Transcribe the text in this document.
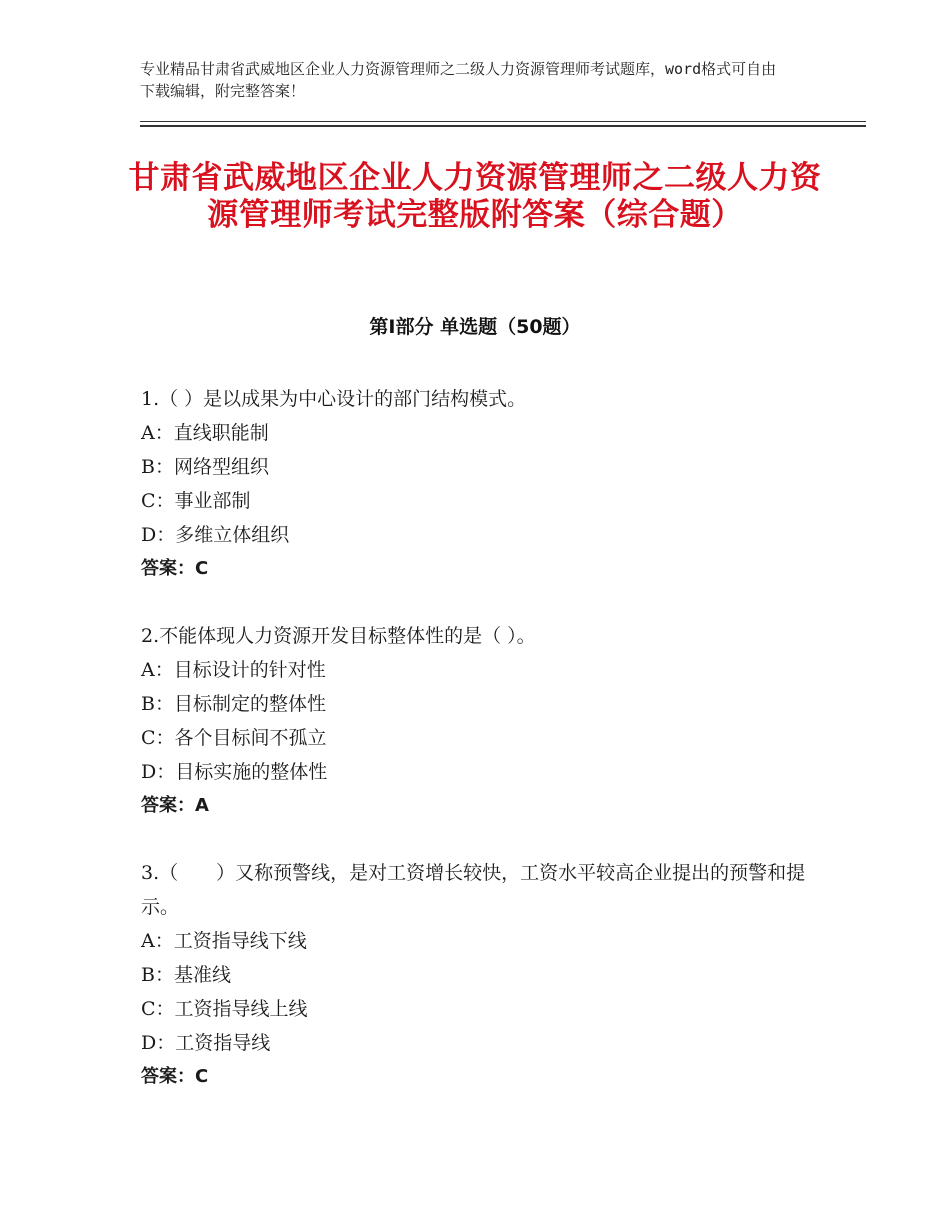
专业精品甘肃省武威地区企业人力资源管理师之二级人力资源管理师考试题库，word格式可自由下载编辑，附完整答案！
甘肃省武威地区企业人力资源管理师之二级人力资源管理师考试完整版附答案（综合题）
第Ⅰ部分 单选题（50题）
1.（ ）是以成果为中心设计的部门结构模式。
A：直线职能制
B：网络型组织
C：事业部制
D：多维立体组织
答案：C
2.不能体现人力资源开发目标整体性的是（ ）。
A：目标设计的针对性
B：目标制定的整体性
C：各个目标间不孤立
D：目标实施的整体性
答案：A
3.（　　）又称预警线，是对工资增长较快，工资水平较高企业提出的预警和提示。
A：工资指导线下线
B：基准线
C：工资指导线上线
D：工资指导线
答案：C
